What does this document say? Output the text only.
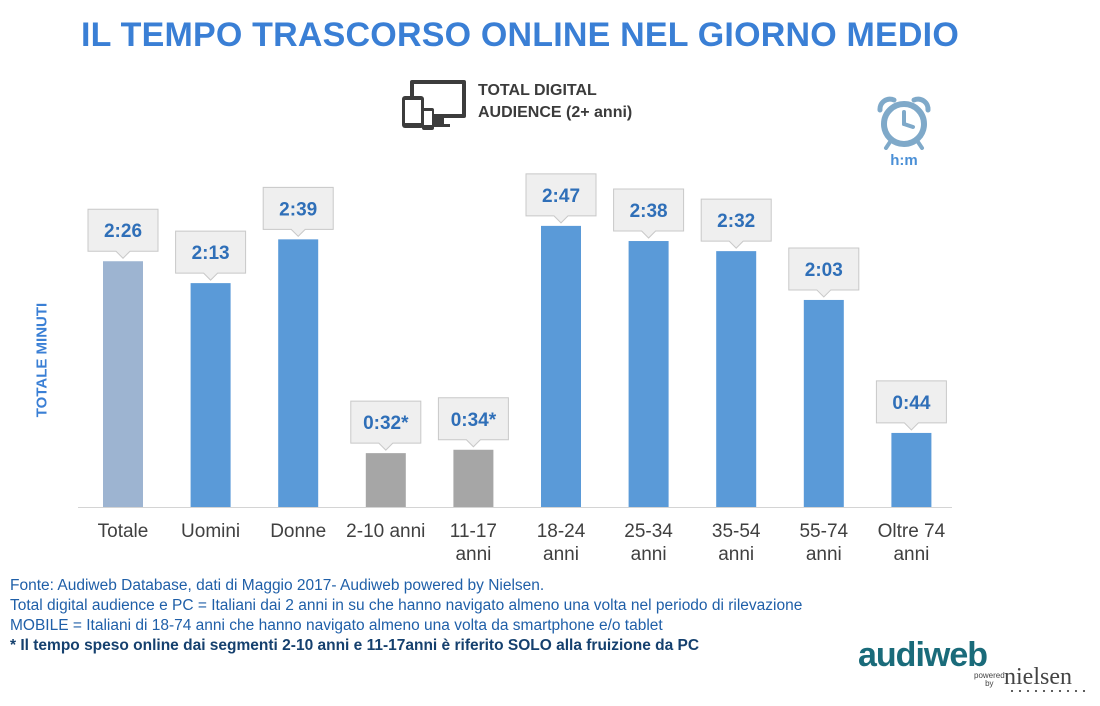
IL TEMPO TRASCORSO ONLINE NEL GIORNO MEDIO
TOTAL DIGITAL
AUDIENCE (2+ anni)
h:m
TOTALE MINUTI
2:26
Totale
2:13
Uomini
2:39
Donne
0:32*
2-10 anni
0:34*
11-17
anni
2:47
18-24
anni
2:38
25-34
anni
2:32
35-54
anni
2:03
55-74
anni
0:44
Oltre 74
anni
Fonte: Audiweb Database, dati di Maggio 2017- Audiweb powered by Nielsen.
Total digital audience e PC = Italiani dai 2 anni in su che hanno navigato almeno una volta nel periodo di rilevazione
MOBILE = Italiani di 18-74 anni che hanno navigato almeno una volta da smartphone e/o tablet
* Il tempo speso online dai segmenti 2-10 anni e 11-17anni è riferito SOLO alla fruizione da PC	audiweb
powered
by nielsen
